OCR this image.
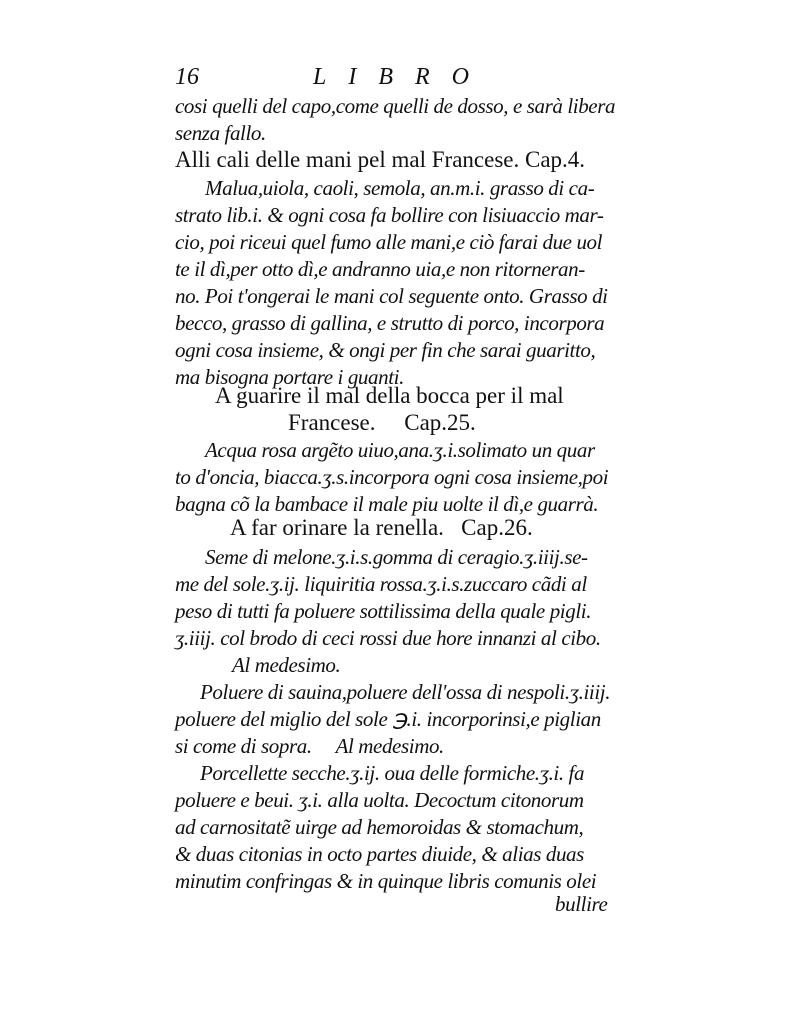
16	LIBRO

cosi quelli del capo,come quelli de dosso, e sarà libera

senza fallo.

Alli cali delle mani pel mal Francese. Cap.4.

Malua,uiola, caoli, semola, an.m.i. grasso di ca-

strato lib.i. & ogni cosa fa bollire con lisiuaccio mar-

cio, poi riceui quel fumo alle mani,e ciò farai due uol

te il dì,per otto dì,e andranno uia,e non ritorneran-

no. Poi t'ongerai le mani col seguente onto. Grasso di

becco, grasso di gallina, e strutto di porco, incorpora

ogni cosa insieme, & ongi per fin che sarai guaritto,

ma bisogna portare i guanti.

A guarire il mal della bocca per il mal

Francese.     Cap.25.

Acqua rosa argẽto uiuo,ana.ʒ.i.solimato un quar

to d'oncia, biacca.ʒ.s.incorpora ogni cosa insieme,poi

bagna cõ la bambace il male piu uolte il dì,e guarrà.

A far orinare la renella.   Cap.26.

Seme di melone.ʒ.i.s.gomma di ceragio.ʒ.iiij.se-

me del sole.ʒ.ij. liquiritia rossa.ʒ.i.s.zuccaro cãdi al

peso di tutti fa poluere sottilissima della quale pigli.

ʒ.iiij. col brodo di ceci rossi due hore innanzi al cibo.

Al medesimo.

Poluere di sauina,poluere dell'ossa di nespoli.ʒ.iiij.

poluere del miglio del sole ℈.i. incorporinsi,e piglian

si come di sopra.     Al medesimo.

Porcellette secche.ʒ.ij. oua delle formiche.ʒ.i. fa

poluere e beui. ʒ.i. alla uolta. Decoctum citonorum

ad carnositatẽ uirge ad hemoroidas & stomachum,

& duas citonias in octo partes diuide, & alias duas

minutim confringas & in quinque libris comunis olei

bullire
